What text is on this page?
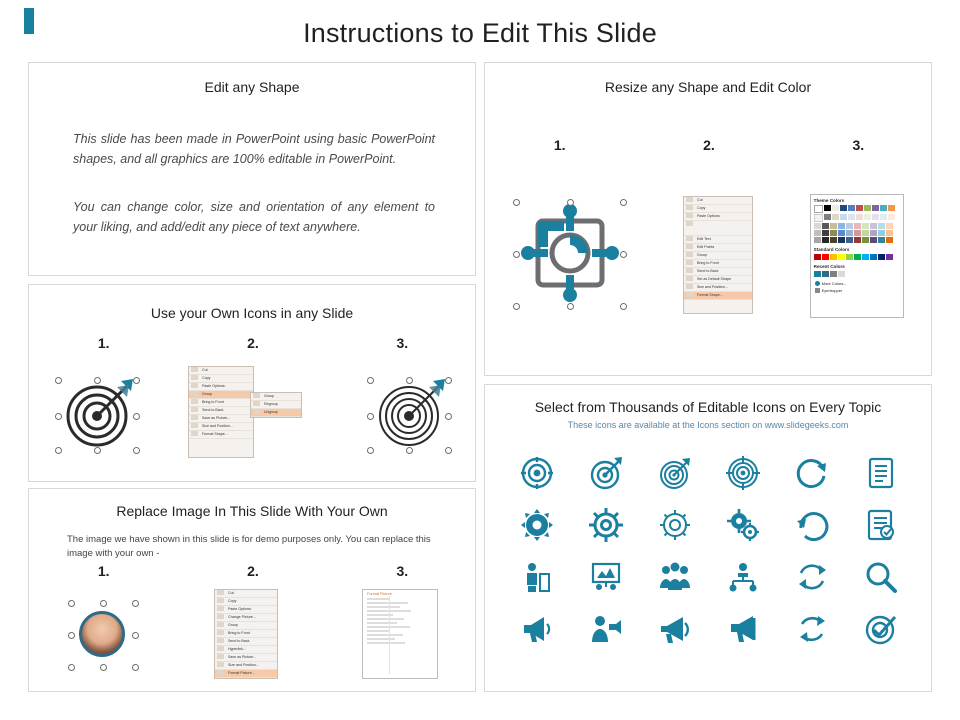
Instructions to Edit This Slide
Edit any Shape
This slide has been made in PowerPoint using basic PowerPoint shapes, and all graphics are 100% editable in PowerPoint.
You can change color, size and orientation of any element to your liking, and add/edit any piece of text anywhere.
Use your Own Icons in any Slide
1.	2.	3.
Cut
Copy
Paste Options:
Group
Bring to Front
Send to Back
Save as Picture...
Size and Position...
Format Shape...
Group
Regroup
Ungroup
Replace Image In This Slide With Your Own
The image we have shown in this slide is for demo purposes only. You can replace this image with your own -
1.	2.	3.
Cut
Copy
Paste Options:
Change Picture...
Group
Bring to Front
Send to Back
Hyperlink...
Save as Picture...
Size and Position...
Format Picture...
Format Picture
Resize any Shape and Edit Color
1.	2.	3.
Cut
Copy
Paste Options:
Edit Text
Edit Points
Group
Bring to Front
Send to Back
Set as Default Shape
Size and Position...
Format Shape...
Theme Colors
Standard Colors
Recent Colors
More Colors...
Eyedropper
Select from Thousands of Editable Icons on Every Topic
These icons are available at the Icons section on www.slidegeeks.com
